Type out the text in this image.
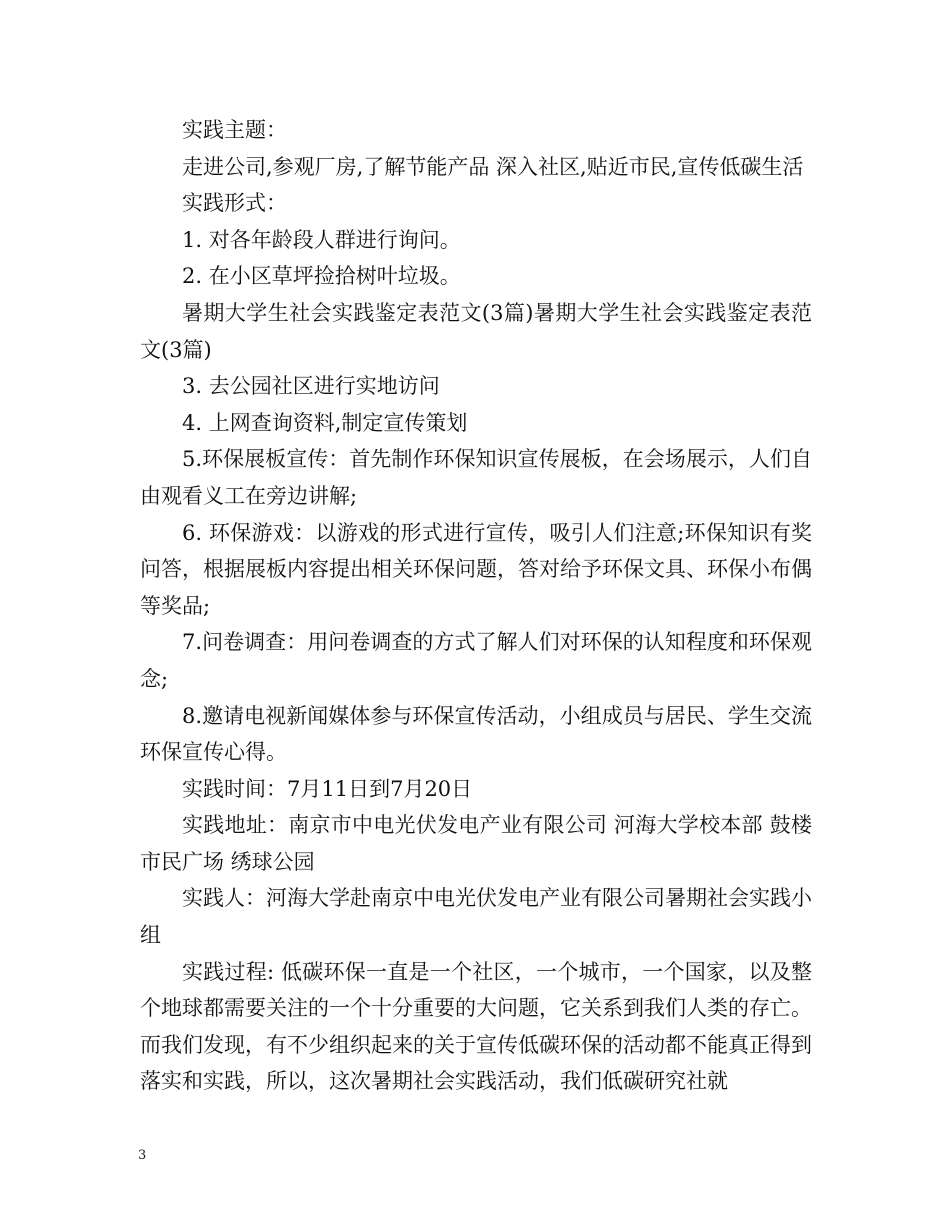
实践主题：

走进公司,参观厂房,了解节能产品 深入社区,贴近市民,宣传低碳生活

实践形式：

1. 对各年龄段人群进行询问。

2. 在小区草坪捡拾树叶垃圾。

暑期大学生社会实践鉴定表范文(3篇)暑期大学生社会实践鉴定表范文(3篇)

3. 去公园社区进行实地访问

4. 上网查询资料,制定宣传策划

5.环保展板宣传：首先制作环保知识宣传展板，在会场展示，人们自由观看义工在旁边讲解;

6. 环保游戏：以游戏的形式进行宣传，吸引人们注意;环保知识有奖问答，根据展板内容提出相关环保问题，答对给予环保文具、环保小布偶等奖品;

7.问卷调查：用问卷调查的方式了解人们对环保的认知程度和环保观念;

8.邀请电视新闻媒体参与环保宣传活动，小组成员与居民、学生交流环保宣传心得。

实践时间：7月11日到7月20日

实践地址：南京市中电光伏发电产业有限公司 河海大学校本部 鼓楼市民广场 绣球公园

实践人：河海大学赴南京中电光伏发电产业有限公司暑期社会实践小组

实践过程: 低碳环保一直是一个社区，一个城市，一个国家，以及整个地球都需要关注的一个十分重要的大问题，它关系到我们人类的存亡。而我们发现，有不少组织起来的关于宣传低碳环保的活动都不能真正得到落实和实践，所以，这次暑期社会实践活动，我们低碳研究社就

3
